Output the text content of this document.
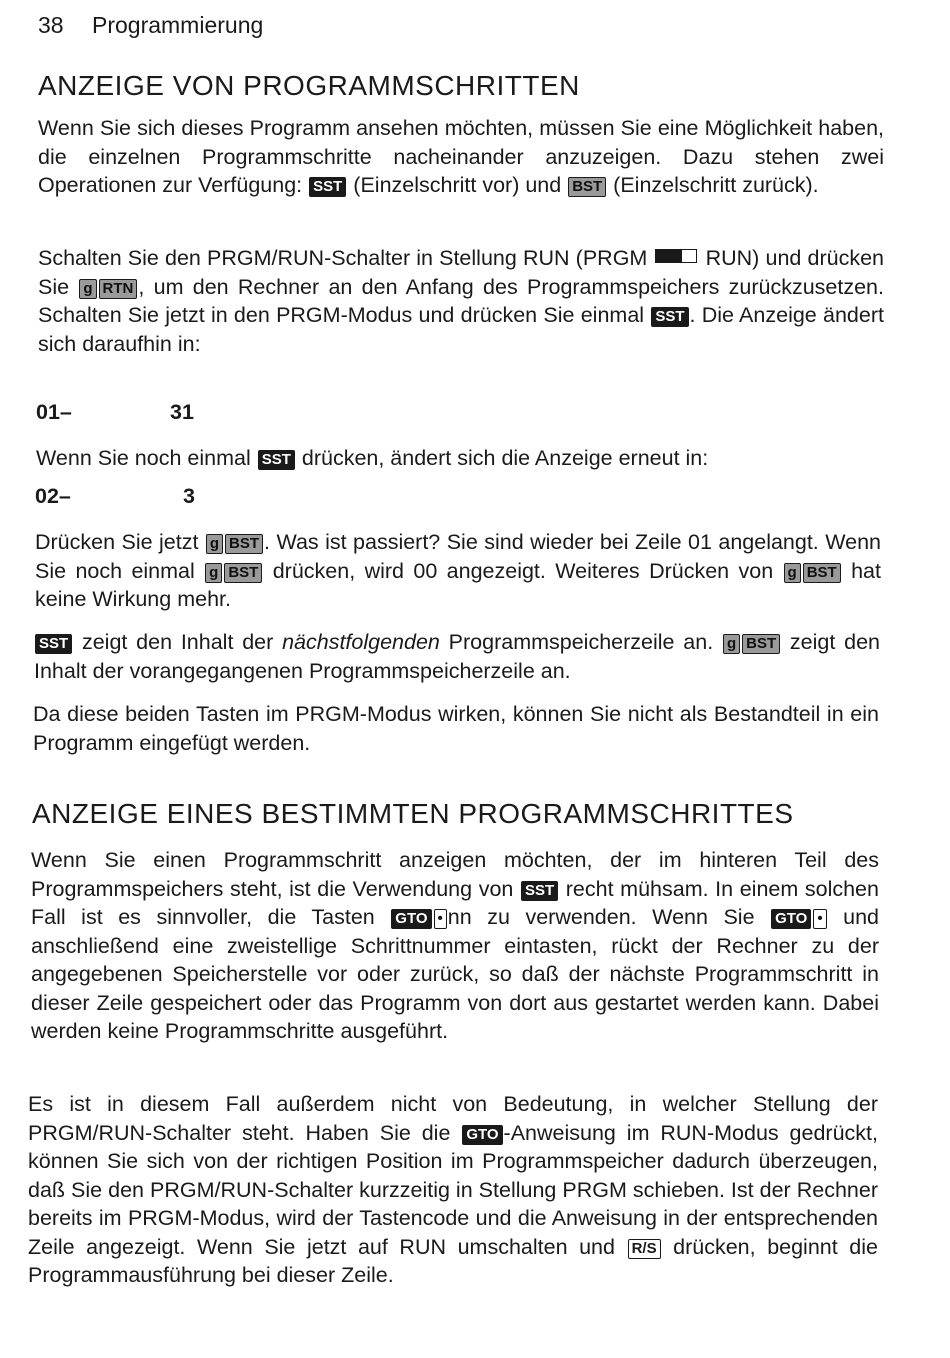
38 Programmierung
ANZEIGE VON PROGRAMMSCHRITTEN

Wenn Sie sich dieses Programm ansehen möchten, müssen Sie eine Möglichkeit haben, die einzelnen Programmschritte nacheinander anzuzeigen. Dazu stehen zwei Operationen zur Verfügung: SST (Einzelschritt vor) und BST (Einzelschritt zurück).

Schalten Sie den PRGM/RUN-Schalter in Stellung RUN (PRGM
RUN) und drücken Sie g RTN , um den Rechner an den Anfang des Programmspeichers zurückzusetzen. Schalten Sie jetzt in den PRGM-Modus und drücken Sie einmal SST . Die Anzeige ändert sich daraufhin in:

01–	31

Wenn Sie noch einmal SST drücken, ändert sich die Anzeige erneut in:

02–	3

Drücken Sie jetzt g BST . Was ist passiert? Sie sind wieder bei Zeile 01 angelangt. Wenn Sie noch einmal g BST drücken, wird 00 angezeigt. Weiteres Drücken von g BST hat keine Wirkung mehr.

SST zeigt den Inhalt der nächstfolgenden Programmspeicherzeile an. g BST zeigt den Inhalt der vorangegangenen Programmspeicherzeile an.

Da diese beiden Tasten im PRGM-Modus wirken, können Sie nicht als Bestandteil in ein Programm eingefügt werden.

ANZEIGE EINES BESTIMMTEN PROGRAMMSCHRITTES

Wenn Sie einen Programmschritt anzeigen möchten, der im hinteren Teil des Programmspeichers steht, ist die Verwendung von SST recht mühsam. In einem solchen Fall ist es sinnvoller, die Tasten GTO • nn zu verwenden. Wenn Sie GTO • und anschließend eine zweistellige Schrittnummer eintasten, rückt der Rechner zu der angegebenen Speicherstelle vor oder zurück, so daß der nächste Programmschritt in dieser Zeile gespeichert oder das Programm von dort aus gestartet werden kann. Dabei werden keine Programmschritte ausgeführt.

Es ist in diesem Fall außerdem nicht von Bedeutung, in welcher Stellung der PRGM/RUN-Schalter steht. Haben Sie die GTO -Anweisung im RUN-Modus gedrückt, können Sie sich von der richtigen Position im Programmspeicher dadurch überzeugen, daß Sie den PRGM/RUN-Schalter kurzzeitig in Stellung PRGM schieben. Ist der Rechner bereits im PRGM-Modus, wird der Tastencode und die Anweisung in der entsprechenden Zeile angezeigt. Wenn Sie jetzt auf RUN umschalten und R/S drücken, beginnt die Programmausführung bei dieser Zeile.
